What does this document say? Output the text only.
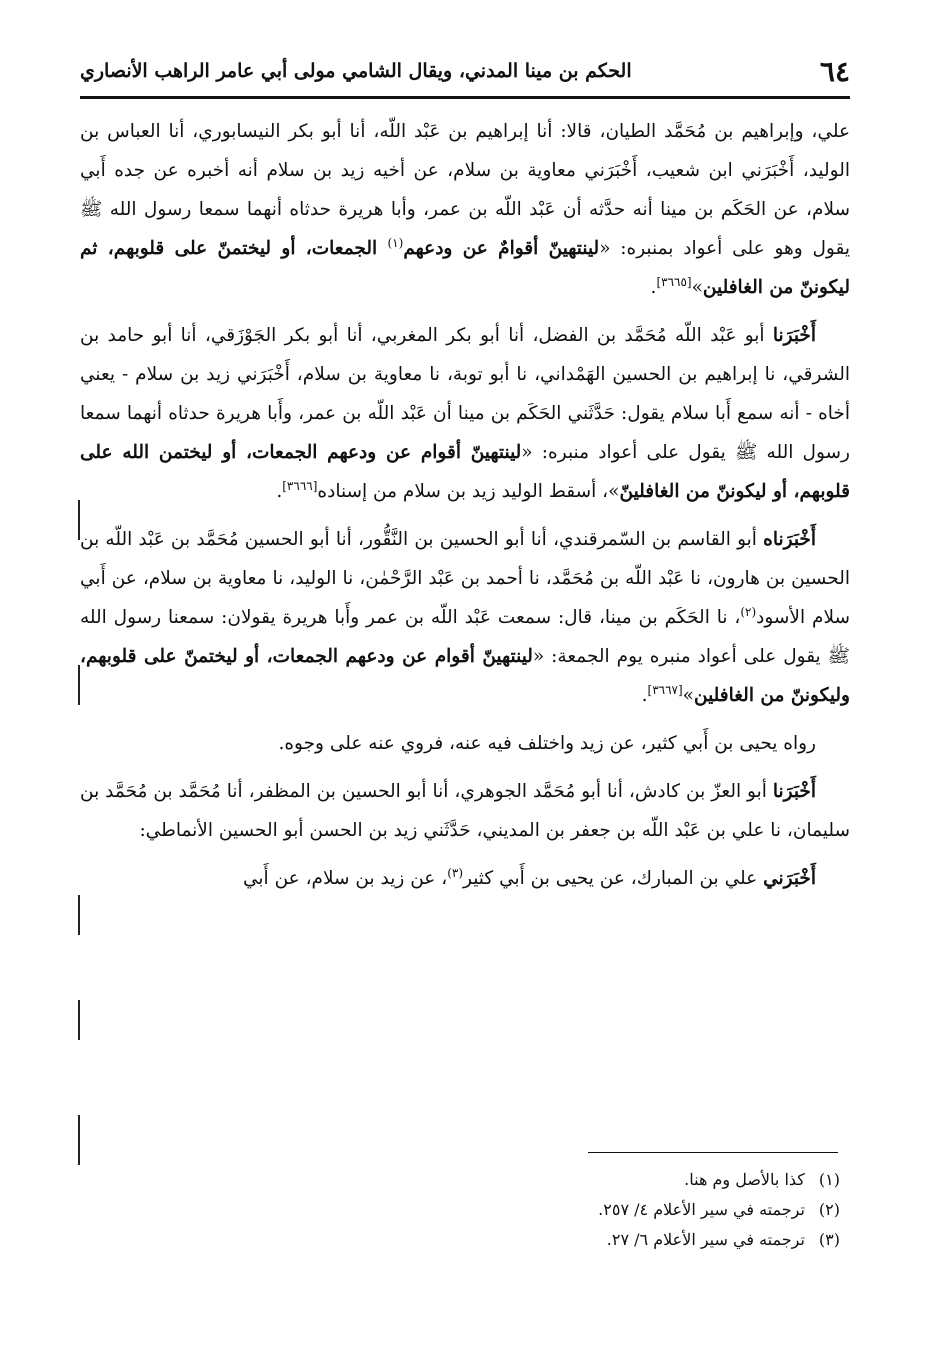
٦٤
الحكم بن مينا المدني، ويقال الشامي مولى أبي عامر الراهب الأنصاري

علي، وإبراهيم بن مُحَمَّد الطيان، قالا: أنا إبراهيم بن عَبْد اللّه، أنا أبو بكر النيسابوري، أنا العباس بن الوليد، أَخْبَرَني ابن شعيب، أَخْبَرَني معاوية بن سلام، عن أخيه زيد بن سلام أنه أخبره عن جده أَبي سلام، عن الحَكَم بن مينا أنه حدَّثه أن عَبْد اللّه بن عمر، وأبا هريرة حدثاه أنهما سمعا رسول الله ﷺ يقول وهو على أعواد بمنبره: «لينتهينّ أقوامٌ عن ودعهم$^{(١)}$ الجمعات، أو ليختمنّ على قلوبهم، ثم ليكوننّ من الغافلين»[٣٦٦٥].

أَخْبَرَنا أبو عَبْد اللّه مُحَمَّد بن الفضل، أنا أبو بكر المغربي، أنا أبو بكر الجَوْزَقي، أنا أبو حامد بن الشرقي، نا إبراهيم بن الحسين الهَمْداني، نا أبو توبة، نا معاوية بن سلام، أَخْبَرَني زيد بن سلام - يعني أخاه - أنه سمع أَبا سلام يقول: حَدَّثَني الحَكَم بن مينا أن عَبْد اللّه بن عمر، وأَبا هريرة حدثاه أنهما سمعا رسول الله ﷺ يقول على أعواد منبره: «لينتهينّ أقوام عن ودعهم الجمعات، أو ليختمن الله على قلوبهم، أو ليكوننّ من الغافلينّ»، أسقط الوليد زيد بن سلام من إسناده[٣٦٦٦].

أَخْبَرَناه أبو القاسم بن السّمرقندي، أنا أبو الحسين بن النَّقُّور، أنا أبو الحسين مُحَمَّد بن عَبْد اللّه بن الحسين بن هارون، نا عَبْد اللّه بن مُحَمَّد، نا أحمد بن عَبْد الرَّحْمٰن، نا الوليد، نا معاوية بن سلام، عن أَبي سلام الأسود$^{(٢)}$، نا الحَكَم بن مينا، قال: سمعت عَبْد اللّه بن عمر وأَبا هريرة يقولان: سمعنا رسول الله ﷺ يقول على أعواد منبره يوم الجمعة: «لينتهينّ أقوام عن ودعهم الجمعات، أو ليختمنّ على قلوبهم، وليكوننّ من الغافلين»[٣٦٦٧].

رواه يحيى بن أَبي كثير، عن زيد واختلف فيه عنه، فروي عنه على وجوه.

أَخْبَرَنا أبو العزّ بن كادش، أنا أبو مُحَمَّد الجوهري، أنا أبو الحسين بن المظفر، أنا مُحَمَّد بن مُحَمَّد بن سليمان، نا علي بن عَبْد اللّه بن جعفر بن المديني، حَدَّثَني زيد بن الحسن أبو الحسين الأنماطي:

أَخْبَرَني علي بن المبارك، عن يحيى بن أَبي كثير$^{(٣)}$، عن زيد بن سلام، عن أَبي

(١)
كذا بالأصل وم هنا.
(٢)
ترجمته في سير الأعلام ٤/ ٢٥٧.
(٣)
ترجمته في سير الأعلام ٦/ ٢٧.
